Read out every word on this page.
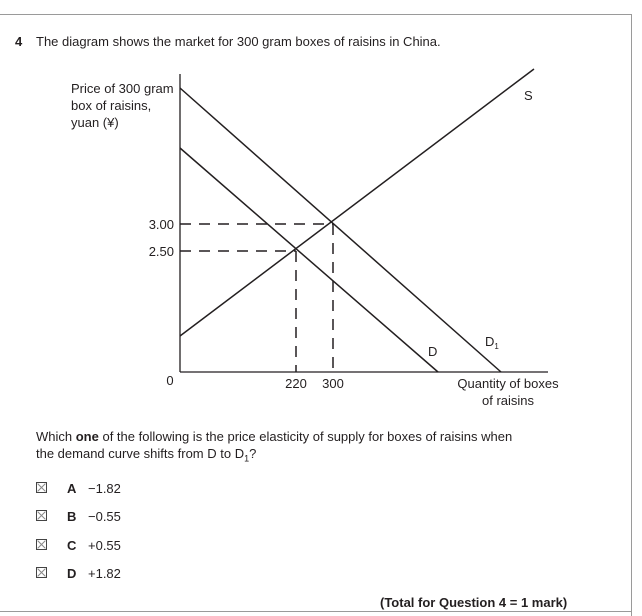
4 The diagram shows the market for 300 gram boxes of raisins in China.
Price of 300 gram
box of raisins,
yuan (¥)
3.00
2.50
0	220 300
S
D
$D_1$
Quantity of boxes
of raisins
Which one of the following is the price elasticity of supply for boxes of raisins when
the demand curve shifts from D to $D_1$?
A −1.82
B −0.55
C +0.55
D +1.82
(Total for Question 4 = 1 mark)
